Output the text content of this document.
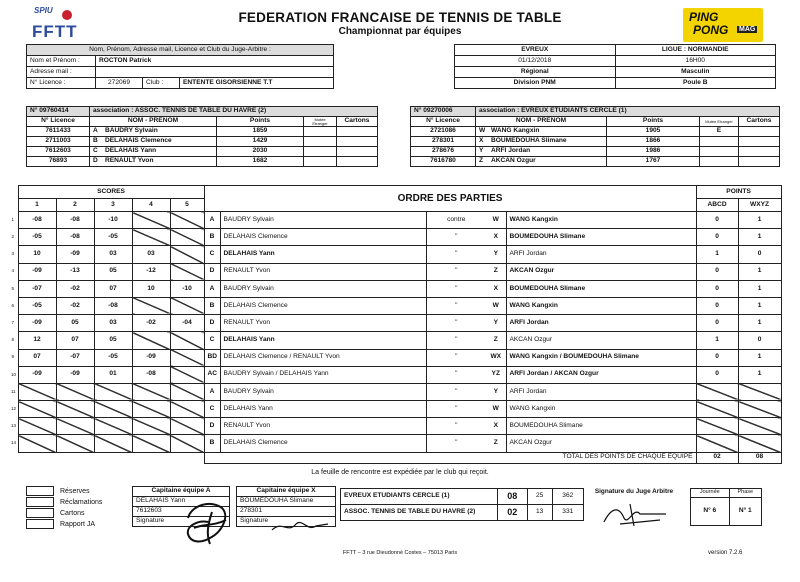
SPIU
FFTT
FEDERATION FRANCAISE DE TENNIS DE TABLE
Championnat par équipes
PING
PONG MAG
Nom, Prénom, Adresse mail, Licence et Club du Juge-Arbitre :			
Nom et Prénom :	ROCTON Patrick		
Adresse mail :			
N° Licence :	272069	Club :	ENTENTE GISORSIENNE T.T
EVREUX	LIGUE : NORMANDIE
01/12/2018	16H00
Régional	Masculin
Division PNM	Poule B
N° 09760414	association : ASSOC. TENNIS DE TABLE DU HAVRE (2)			
N° Licence	NOM - PRENOM	Points	Mutée Etranger	Cartons
7611433	A BAUDRY Sylvain	1859		
2711003	B DELAHAIS Clemence	1429		
7612603	C DELAHAIS Yann	2030		
76893	D RENAULT Yvon	1682		
N° 09270006	association : EVREUX ETUDIANTS CERCLE (1)			
N° Licence	NOM - PRENOM	Points	Mutée Etranger	Cartons
2721086	W WANG Kangxin	1905	E	
278301	X BOUMEDOUHA Slimane	1866		
278676	Y ARFI Jordan	1986		
7616780	Z AKCAN Ozgur	1767		
	SCORES					ORDRE DES PARTIES					POINTS	
	1	2	3	4	5						ABCD	WXYZ
1	-08	-08	-10			A	BAUDRY Sylvain	contre	W	WANG Kangxin	0	1
2	-05	-08	-05			B	DELAHAIS Clemence	"	X	BOUMEDOUHA Slimane	0	1
3	10	-09	03	03		C	DELAHAIS Yann	"	Y	ARFI Jordan	1	0
4	-09	-13	05	-12		D	RENAULT Yvon	"	Z	AKCAN Ozgur	0	1
5	-07	-02	07	10	-10	A	BAUDRY Sylvain	"	X	BOUMEDOUHA Slimane	0	1
6	-05	-02	-08			B	DELAHAIS Clemence	"	W	WANG Kangxin	0	1
7	-09	05	03	-02	-04	D	RENAULT Yvon	"	Y	ARFI Jordan	0	1
8	12	07	05			C	DELAHAIS Yann	"	Z	AKCAN Ozgur	1	0
9	07	-07	-05	-09		BD	DELAHAIS Clemence / RENAULT Yvon	"	WX	WANG Kangxin / BOUMEDOUHA Slimane	0	1
10	-09	-09	01	-08		AC	BAUDRY Sylvain / DELAHAIS Yann	"	YZ	ARFI Jordan / AKCAN Ozgur	0	1
11						A	BAUDRY Sylvain	"	Y	ARFI Jordan		
12						C	DELAHAIS Yann	"	W	WANG Kangxin		
13						D	RENAULT Yvon	"	X	BOUMEDOUHA Slimane		
14						B	DELAHAIS Clemence	"	Z	AKCAN Ozgur		
						TOTAL DES POINTS DE CHAQUE EQUIPE					02	08
La feuille de rencontre est expédiée par le club qui reçoit.
Réserves
Réclamations
Cartons
Rapport JA
Capitaine équipe A
DELAHAIS Yann
7612603
Signature
Capitaine équipe X
BOUMEDOUHA Slimane
278301
Signature
EVREUX ETUDIANTS CERCLE (1)	08	25	362
ASSOC. TENNIS DE TABLE DU HAVRE (2)	02	13	331
Signature du Juge Arbitre	Journée	Phase
N° 6	N° 1
FFTT – 3 rue Dieudonné Costes – 75013 Paris	version 7.2.6
